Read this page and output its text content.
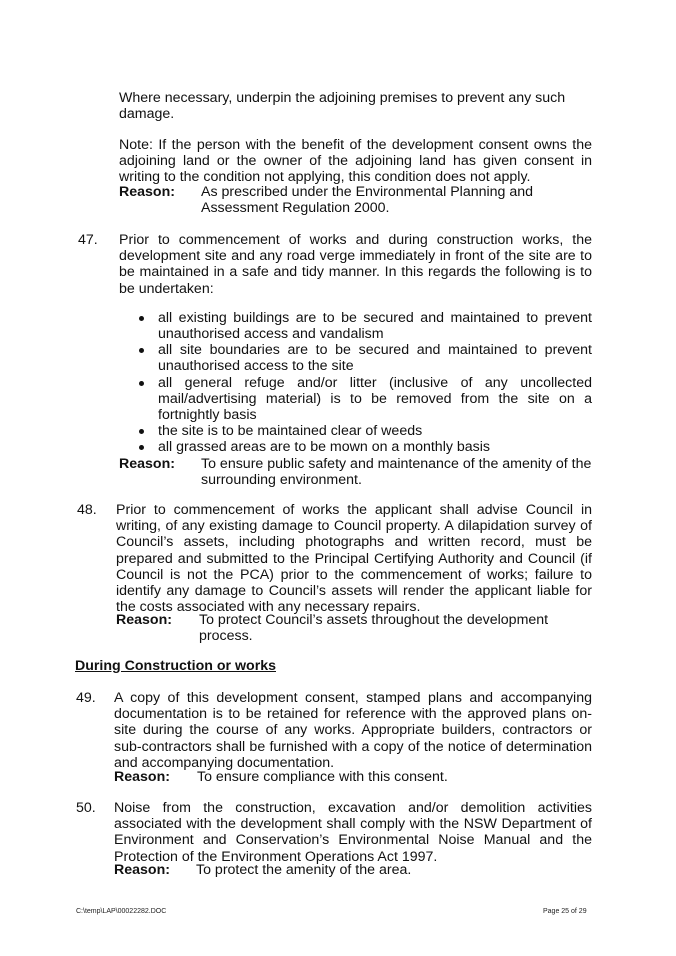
Where necessary, underpin the adjoining premises to prevent any such damage.
Note: If the person with the benefit of the development consent owns the adjoining land or the owner of the adjoining land has given consent in writing to the condition not applying, this condition does not apply.
Reason: As prescribed under the Environmental Planning and
Assessment Regulation 2000.
47. Prior to commencement of works and during construction works, the development site and any road verge immediately in front of the site are to be maintained in a safe and tidy manner. In this regards the following is to be undertaken:
all existing buildings are to be secured and maintained to prevent unauthorised access and vandalism
all site boundaries are to be secured and maintained to prevent unauthorised access to the site
all general refuge and/or litter (inclusive of any uncollected mail/advertising material) is to be removed from the site on a fortnightly basis
the site is to be maintained clear of weeds
all grassed areas are to be mown on a monthly basis
Reason: To ensure public safety and maintenance of the amenity of the surrounding environment.
48. Prior to commencement of works the applicant shall advise Council in writing, of any existing damage to Council property. A dilapidation survey of Council’s assets, including photographs and written record, must be prepared and submitted to the Principal Certifying Authority and Council (if Council is not the PCA) prior to the commencement of works; failure to identify any damage to Council’s assets will render the applicant liable for the costs associated with any necessary repairs.
Reason: To protect Council’s assets throughout the development
process.
During Construction or works
49. A copy of this development consent, stamped plans and accompanying documentation is to be retained for reference with the approved plans on-site during the course of any works. Appropriate builders, contractors or sub-contractors shall be furnished with a copy of the notice of determination and accompanying documentation.
Reason: To ensure compliance with this consent.
50. Noise from the construction, excavation and/or demolition activities associated with the development shall comply with the NSW Department of Environment and Conservation’s Environmental Noise Manual and the Protection of the Environment Operations Act 1997.
Reason: To protect the amenity of the area.
C:\temp\LAP\00022282.DOC	Page 25 of 29
